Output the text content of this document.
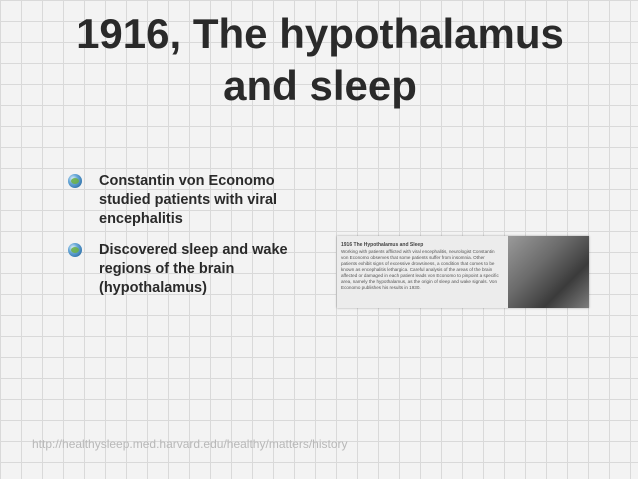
1916, The hypothalamus
and sleep
Constantin von Economo studied patients with viral encephalitis
Discovered sleep and wake regions of the brain (hypothalamus)
1916 The Hypothalamus and Sleep
Working with patients afflicted with viral encephalitis, neurologist Constantin von Economo observes that some patients suffer from insomnia. Other patients exhibit signs of excessive drowsiness, a condition that comes to be known as encephalitis lethargica. Careful analysis of the areas of the brain affected or damaged in each patient leads von Economo to pinpoint a specific area, namely the hypothalamus, as the origin of sleep and wake signals. Von Economo publishes his results in 1930.
http://healthysleep.med.harvard.edu/healthy/matters/history
